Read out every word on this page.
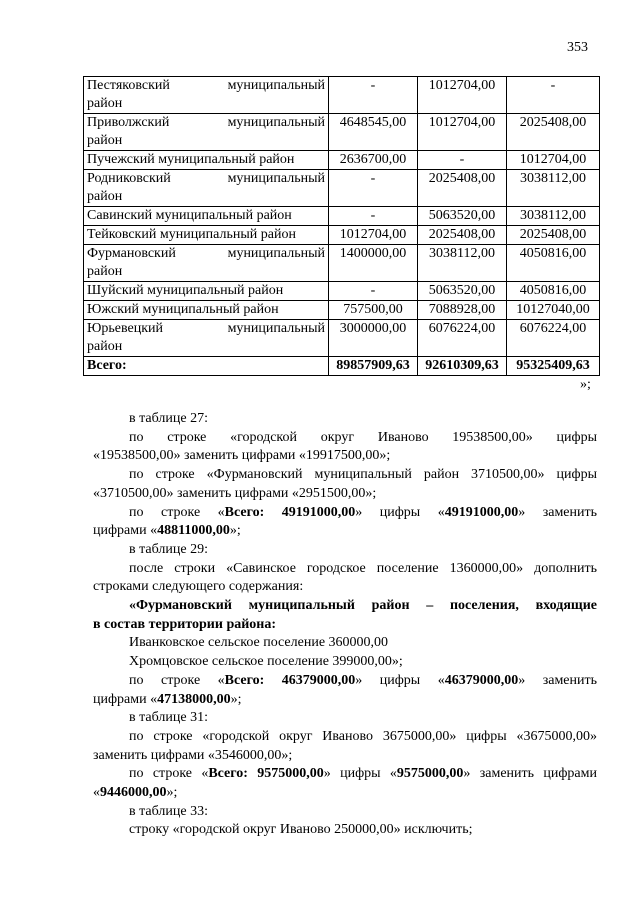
353
Пестяковский муниципальный
район	-	1012704,00	-

Приволжский муниципальный
район	4648545,00	1012704,00	2025408,00

Пучежский муниципальный район	2636700,00	-	1012704,00

Родниковский муниципальный
район	-	2025408,00	3038112,00

Савинский муниципальный район	-	5063520,00	3038112,00

Тейковский муниципальный район	1012704,00	2025408,00	2025408,00

Фурмановский муниципальный
район	1400000,00	3038112,00	4050816,00

Шуйский муниципальный район	-	5063520,00	4050816,00

Южский муниципальный район	757500,00	7088928,00	10127040,00

Юрьевецкий муниципальный
район	3000000,00	6076224,00	6076224,00
Всего:	89857909,63	92610309,63	95325409,63
»;
в таблице 27:
по строке «городской округ Иваново 19538500,00» цифры
«19538500,00» заменить цифрами «19917500,00»;
по строке «Фурмановский муниципальный район 3710500,00» цифры
«3710500,00» заменить цифрами «2951500,00»;
по строке «Всего: 49191000,00» цифры «49191000,00» заменить
цифрами «48811000,00»;
в таблице 29:
после строки «Савинское городское поселение 1360000,00» дополнить
строками следующего содержания:
«Фурмановский муниципальный район – поселения, входящие
в состав территории района:
Иванковское сельское поселение 360000,00
Хромцовское сельское поселение 399000,00»;
по строке «Всего: 46379000,00» цифры «46379000,00» заменить
цифрами «47138000,00»;
в таблице 31:
по строке «городской округ Иваново 3675000,00» цифры «3675000,00»
заменить цифрами «3546000,00»;
по строке «Всего: 9575000,00» цифры «9575000,00» заменить цифрами
«9446000,00»;
в таблице 33:
строку «городской округ Иваново 250000,00» исключить;
